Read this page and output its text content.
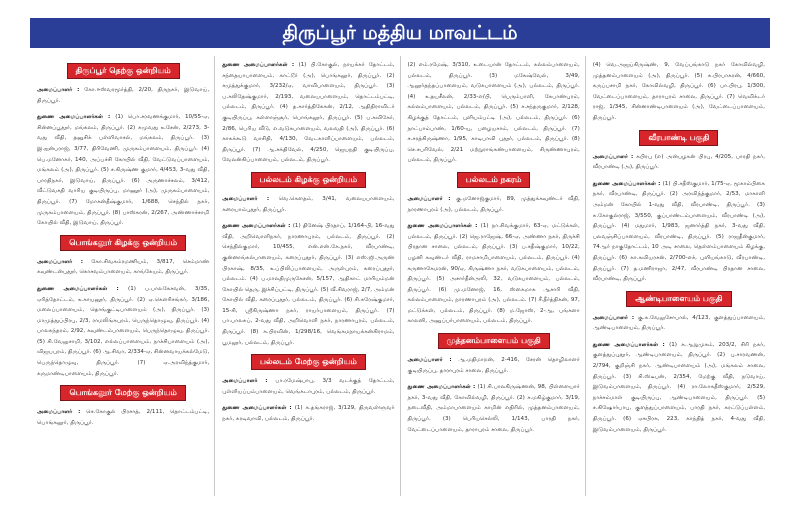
திருப்பூர் மத்திய மாவட்டம்
திருப்பூர் தெற்கு ஒன்றியம்
அமைப்பாளர் : கோ.ஈஸ்வரமூர்த்தி, 2/20, திருநகர், இடுவாய், திருப்பூர்.
துணை அமைப்பாளர்கள் : (1) பொ.சரவணக்குமார், 10/55-ஏ, சின்னப்பூதூர், மங்கலம், திருப்பூர். (2) சுமுவது உசேன், 2/273, 3-வது வீதி, தனுசிக் பள்ளிவாசல், மங்கலம், திருப்பூர். (3) இ.ஐன்பராஜ், 3/77, திரிவேணி, முருகம்பாளையம், திருப்பூர். (4) பெ.மனோகர், 140, அப்பச்சி கோயில் வீதி, வேட்டுவப்பாளையம், மங்கலம் (அ), திருப்பூர். (5) ச.கிருஷ்ண குமார், 4/453, 3-வது வீதி, பாரதிநகர், இடுவாய், திருப்பூர். (6) அருணாச்சலம், 3/412, வீட்டுவசதி வாரிய குடியிருப்பு, மாணூர் (அ), முருகம்பாளையம், திருப்பூர். (7) மோகன்தீஷ்குமார், 1/688, செந்தில் நகர், முருகம்பாளையம், திருப்பூர். (8) பாஸ்கரன், 2/267, அண்ணாச்சாமி கோயில் வீதி, இடுவாய், திருப்பூர்.
பொங்கலூர் கிழக்கு ஒன்றியம்
அமைப்பாளர் : கோ.சிவகம்ரமணியம், 3/817, செம்மாண் கவுண்டன்புதூர், கொசவம்பாளையம், காங்கேயம், திருப்பூர்.
துணை அமைப்பாளர்கள் : (1) ப.பாலகேசவன், 3/35, ஏரித்தோட்டம், உகாயனூர், திருப்பூர். (2) ஏ.கௌரிசங்கர், 3/186, மலைப்பாளையம், தொங்குட்டிபாளையம் (அ), திருப்பூர். (3) மாமுத்துப்பிரபு, 2/3, ராமலிங்கபுரம், பெருந்தொழுவு, திருப்பூர். (4) பாலசுந்தரம், 2/92, கவுண்டம்பாளையம், பெருந்தொழுவு, திருப்பூர். (5) சி.வேலுசாமி, 3/102, எல்லப்பாளையம், நாச்சிபாளையம் (அ), விஜயபுரம், திருப்பூர். (6) ஆ.சிவா, 2/334-ஏ, சின்னவாயக்கல்மேடு, பெருந்தொழுவு, திருப்பூர். (7) ஏ.அரவிந்த்குமார், கருமாண்டிபாளையம், திருப்பூர்.
பொங்கலூர் மேற்கு ஒன்றியம்
அமைப்பாளர் : செ.கோகுல் பிரசாத், 2/111, தொட்டம்பட்டி, பொங்கலூர், திருப்பூர்.
துணை அமைப்பாளர்கள் : (1) பி.கோகுல், நாயக்கர் தோட்டம், சந்தையாபாளையம், காட்டூர் (அ), பொங்கலூர், திருப்பூர். (2) சமுத்துக்குமார், 3/232/ஏ, வாவிபாளையம், திருப்பூர். (3) ப.கலிதேஷ்குமார், 2/193, வலையபாளையம், தொட்டம்பட்டி, பல்லடம், திருப்பூர். (4) த.கார்த்திகேசுன், 2/12, ஆதிதிராவிடர் குடியிருப்பு, கள்ளாஞ்சூர், பொங்கலூர், திருப்பூர். (5) ப.கவிகேர், 2/86, பெரிய வீடு, எ.வடுகபாளையம், வலவதி (அ), திருப்பூர். (6) காசுக்கூடு வாசிதி, 4/130, வேடகாளிப்பாளையம், பல்லடம், திருப்பூர். (7) ஆ.சக்திவேல், 4/250, ஜெயநதி குடியிருப்பு, வேலன்கிப்பாளையம், பல்லடம், திருப்பூர்.
பல்லடம் கிழக்கு ஒன்றியம்
அமைப்பாளர் : வெ.கௌதம், 3/41, வலையபாளையம், கரையாம்புதூர், திருப்பூர்.
துணை அமைப்பாளர்கள் : (1) தினேஷ் பிரதாப், 1/164-பி, 16-வது வீதி, அறிவொளிநகர், நாரணாபுரம், பல்லடம், திருப்பூர். (2) செந்தில்குமார், 10/455, என்.என்.கே.நகர், வீரபாண்டி, குன்னாங்கல்பாளையம், கரைப்புதூர், திருப்பூர். (3) எஸ்.ஜி.அருண் பிரகாஷ், 8/35, உப்பிலிப்பாளையம், அருள்புரம், கரைப்புதூர், பல்லடம். (4) ப.மாலதிமுருகேசன், 5/157, ஆதிகாட் மாரியம்மன் கோயில் தெரு, இச்சிப்பட்டி, திருப்பூர். (5) வீ.சிவராஜ், 2/7, அம்மன் கோயில் வீதி, கரைப்புதூர், பல்லடம், திருப்பூர். (6) சி.சுரேஷ்குமார், 15-சி, ஸ்ரீகிருஷ்ணா நகர், ராயர்பாளையம், திருப்பூர். (7) பா.பாலசுப், 2-வது வீதி, அறிவொளி நகர், நாரணாபுரம், பல்லடம், திருப்பூர். (8) சு.பிரவின், 1/298/16, வெங்கமநாயக்கன்கிராமம், பூமலூர், பல்லடம், திருப்பூர்.
பல்லடம் மேற்கு ஒன்றியம்
அமைப்பாளர் : பா.ரமேஷ்பாபு, 3/3 வடக்குத் தோட்டம், புள்ளியப்பம்பாளையம், வெங்கடாபுரம், பல்லடம், திருப்பூர்.
துணை அமைப்பாளர்கள் : (1) க.தங்கராஜ், 3/129, திருவள்ளுவர் நகர், கரடிவாவி, பல்லடம், திருப்பூர்.
(2) எம்.ரமேஷ், 3/310, உடையான் தோட்டம், கல்லம்பாளையம், பல்லடம், திருப்பூர். (3) மகேஷ்வேல், 3/49, ஆலூர்தந்தப்பாளையம், வடுகபாளையம் (அ), பல்லடம், திருப்பூர். (4) உதயசீலன், 2/33-எ/பி, பெரும்பாளி, கேபாண்புரம், கல்லம்பாளையம், பல்லடம், திருப்பூர். (5) ச.சந்தருகுமார், 2/128, கிழக்குத் தோட்டம், புளியம்பட்டி (அ), பல்லடம், திருப்பூர். (6) நாட்பாம்பாண், 1/60-யு, பழையசாம், பல்லடம், திருப்பூர். (7) ச.சரத்கிருஷ்ணா, 1/95, காடிபாவி புதூர், பல்லடம், திருப்பூர். (8) செ.சபரிவேல், 2/21 மற்றுராங்கண்பாளையம், சிருண்ணாபுரம், பல்லடம், திருப்பூர்.
பல்லடம் நகரம்
அமைப்பாளர் : கு.மனோஜ்குமார், 89, முத்துக்கவுண்டர் வீதி, நாரணாபுரம் (அ), பல்லடம், திருப்பூர்.
துணை அமைப்பாளர்கள் : (1) நா.சிவக்குமார், 63-ஏ, மட்டுக்கள், பல்லடம், திருப்பூர். (2) ஜெ.ராஜேஷ், 66-ஏ, அண்ணா நகர், திருச்சி பிரதான சாலை, பல்லடம், திருப்பூர். (3) ப.சதீஷ்குமார், 10/22, பழனி கவுண்டர் வீதி, ராமசாமிபாளையம், பல்லடம், திருப்பூர். (4) கருணாகேமரன், 90/ஏ, கிருஷ்ணா நகர், வடுகபாளையம், பல்லடம், திருப்பூர். (5) அசார்தீன்அலி, 32, வடுகபாளையம், பல்லடம், திருப்பூர். (6) மு.மனோஜ், 16, ஸ்கைமாக ஆசாரி வீதி, கல்லம்பாளையம், நாரணாபுரம் (அ), பல்லடம். (7) சீ.தீர்த்திகன், 97, மட்டுக்கள், பல்லடம், திருப்பூர். (8) ம.ஜோஸ், 2-ஆ, பங்களா காலனி, அனுப்பர்பாளையம், பல்லடம், திருப்பூர்.
முத்தனம்பாளையம் பகுதி
அமைப்பாளர் : ஆ.மதிமாறன், 2-416, சேரன் தொழிலாளர் குடியிருப்பு, தாராபுரம் சாலை, திருப்பூர்.
துணை அமைப்பாளர்கள் : (1) சி.பாலகிருஷ்ணன், 98, பிள்ளையார் நகர், 3-வது வீதி, கோவில்வழி, திருப்பூர். (2) ச.மகிழ்குமார், 3/19, நடைவீதி, அம்மாபாளையம் காமின் எதிரில், முத்தனம்பாளையம், திருப்பூர். (3) பெரியசெல்லி, 1/143, பாரதி நகர், வேட்டைப்பாளையம், தாராபுரம் சாலை, திருப்பூர்.
(4) வெ.அஜய்கிருஷ்ண், 9, வேப்பங்காடு நகர் கோவில்வழி, முத்தனம்பாளையம் (அ), திருப்பூர். (5) க.பிரபாகரன், 4/660, கருப்பசாமி நகர், கோவில்வழி, திருப்பூர். (6) பா.பிரபு, 1/300, வேட்டைப்பாளையம், தாராபுரம் சாலை, திருப்பூர். (7) வெவிக்டர் ராஜ், 1/345, சின்னாண்டிபாளையம் (அ), வேட்டைப்பாளையம், திருப்பூர்.
வீரபாண்டி பகுதி
அமைப்பாளர் : சுபிரபு (எ) அன்பழகன் பிரபு, 4/205, பாரதி நகர், வீரபாண்டி (அ), திருப்பூர்.
துணை அமைப்பாளர்கள் : (1) பி.சதீஸ்குமார், 1/75-ஏ, மூகாம்பிகை நகர், வீரபாண்டி, திருப்பூர். (2) அரவிந்த்குமார், 2/53, மாகாளி அம்மன் கோயில் 1-வது வீதி, வீரபாண்டி, திருப்பூர். (3) சு.கோகுல்ராஜ், 3/550, குப்பாண்டம்பாளையம், வீரபாண்டி (அ), திருப்பூர். (4) மதுமார், 1/983, ஜனார்த்தி நகர், 3-வது வீதி, பலவஞ்சிப்பாளையம், வீரபாண்டி, திருப்பூர். (5) ராஜதீன்குமார், 74ஆர் நாகுதோட்டம், 10 அடி சாலை, தெள்ளம்பாளையம் கிழக்கு, திருப்பூர். (6) கா.கவியரசன், 2/700-எச், புளியங்காடு, வீரபாண்டி, திருப்பூர். (7) த.மணிராஜா, 2/47, வீரபாண்டி பிரதான சாலை, வீரபாண்டி, திருப்பூர்.
ஆண்டிபாளையம் பகுதி
அமைப்பாளர் : கு.க.வேலுசோபால், 4/123, குளத்துப்பாளையம், ஆண்டிபாளையம், திருப்பூர்.
துணை அமைப்பாளர்கள் : (1) சு.ஆறுமுகம், 203/2, சிரி நகர், குளத்துப்புதூர், ஆண்டிபாளையம், திருப்பூர். (2) பு.சாரவணன், 2/794, குறிஞ்சி நகர், ஆண்டிபாளையம் (அ), மங்கலம் சாலை, திருப்பூர். (3) சி.ஸ்டீபன், 2/354, மேற்கு வீதி, நடுவாய், இடுவம்பாளையம், திருப்பூர். (4) ரா.லோகதீஸ்குமார், 2/529, நாச்சம்மாள் குடியிருப்பு, ஆண்டிபாளையம், திருப்பூர். (5) ச.கிஷோர்பாபு, குளத்துப்பாளையம், பாரதி நகர், கரட்டுப்பள்ளம், திருப்பூர். (6) ஏசுபிரசு, 223, காந்தித் நகர், 4-வது வீதி, இடுவம்பாளையம், திருப்பூர்.
